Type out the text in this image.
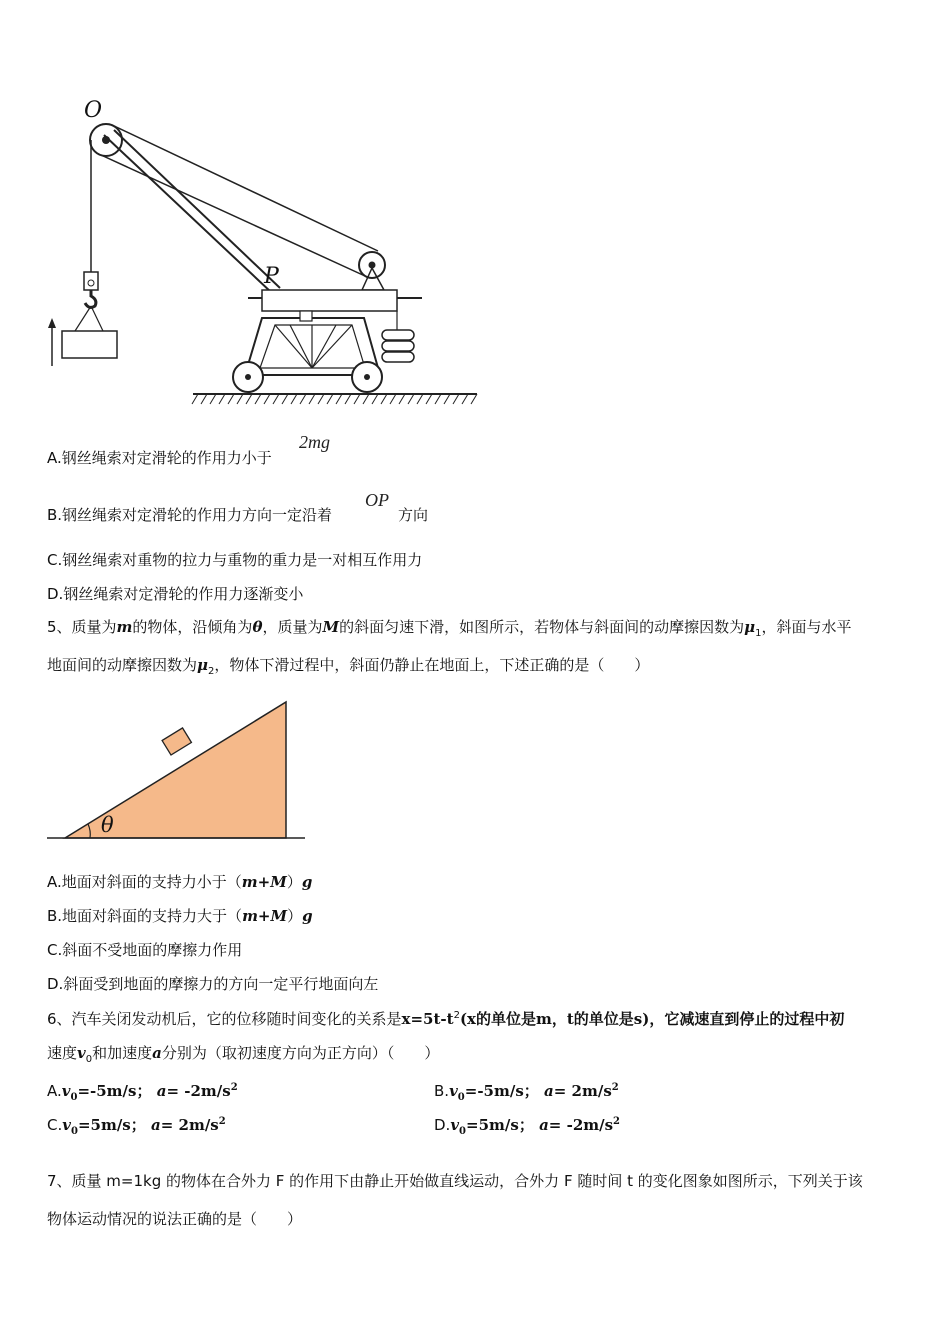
O
P
A.钢丝绳索对定滑轮的作用力小于
2mg
B.钢丝绳索对定滑轮的作用力方向一定沿着
OP
方向
C.钢丝绳索对重物的拉力与重物的重力是一对相互作用力
D.钢丝绳索对定滑轮的作用力逐渐变小
5、质量为m的物体，沿倾角为θ，质量为M的斜面匀速下滑，如图所示，若物体与斜面间的动摩擦因数为$\mu_1$，斜面与水平
地面间的动摩擦因数为$\mu_2$，物体下滑过程中，斜面仍静止在地面上，下述正确的是（　　）
θ
A.地面对斜面的支持力小于（m+M）g
B.地面对斜面的支持力大于（m+M）g
C.斜面不受地面的摩擦力作用
D.斜面受到地面的摩擦力的方向一定平行地面向左
6、汽车关闭发动机后，它的位移随时间变化的关系是$x=5t-t^2(x$的单位是m，t的单位是s)，它减速直到停止的过程中初
速度$v_0$和加速度a分别为（取初速度方向为正方向）（　　）
$A.v_0=-5m/s$； $a= -2m/s^2$	$B.v_0=-5m/s$； $a= 2m/s^2$
$C.v_0=5m/s$； $a= 2m/s^2$	$D.v_0=5m/s$； $a= -2m/s^2$
7、质量 m=1kg 的物体在合外力 F 的作用下由静止开始做直线运动，合外力 F 随时间 t 的变化图象如图所示，下列关于该
物体运动情况的说法正确的是（　　）
